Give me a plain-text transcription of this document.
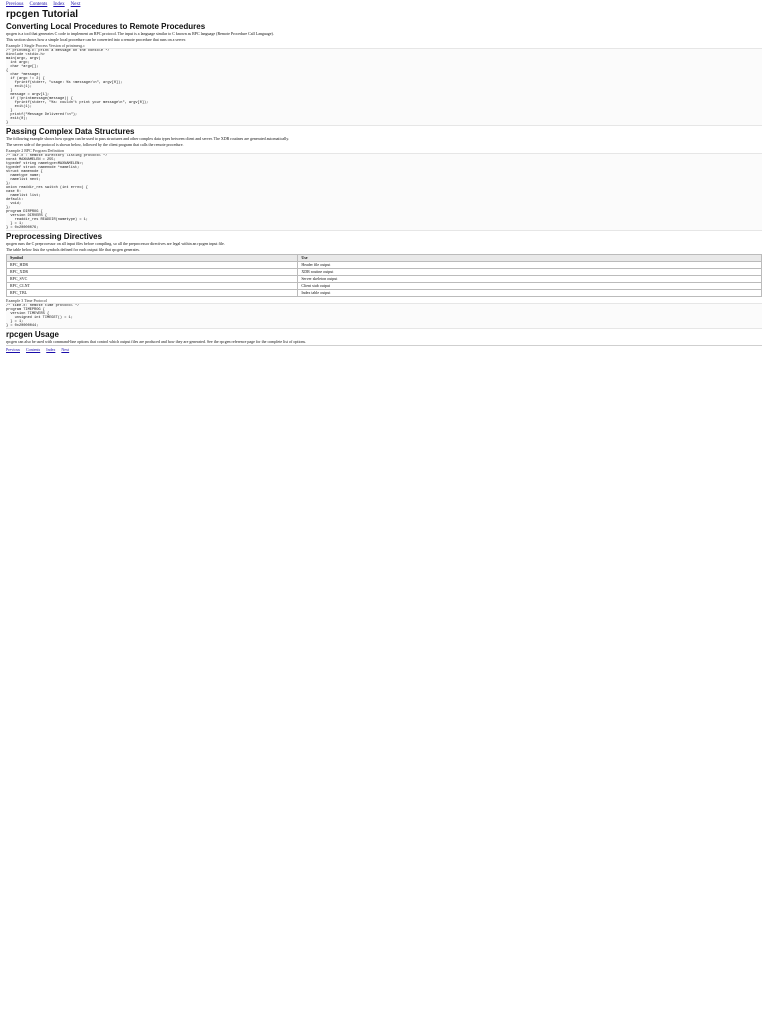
Previous Contents Index Next
rpcgen Tutorial
Converting Local Procedures to Remote Procedures

rpcgen is a tool that generates C code to implement an RPC protocol. The input is a language similar to C known as RPC language (Remote Procedure Call Language).

This section shows how a simple local procedure can be converted into a remote procedure that runs on a server.

Example 1 Single Process Version of printmesg.c
/* printmsg.c: print a message on the console */
#include <stdio.h>
main(argc, argv)
int argc;
char *argv[];
{
char *message;
if (argc != 2) {
fprintf(stderr, "usage: %s <message>\n", argv[0]);
exit(1);
}
message = argv[1];
if (!printmessage(message)) {
fprintf(stderr, "%s: couldn't print your message\n", argv[0]);
exit(1);
}
printf("Message Delivered!\n");
exit(0);
}
Passing Complex Data Structures

The following example shows how rpcgen can be used to pass structures and other complex data types between client and server. The XDR routines are generated automatically.

The server side of the protocol is shown below, followed by the client program that calls the remote procedure.

Example 2 RPC Program Definition
/* dir.x : Remote directory listing protocol */
const MAXNAMELEN = 255;
typedef string nametype<MAXNAMELEN>;
typedef struct namenode *namelist;
struct namenode {
nametype name;
namelist next;
};
union readdir_res switch (int errno) {
case 0:
namelist list;
default:
void;
};
program DIRPROG {
version DIRVERS {
readdir_res READDIR(nametype) = 1;
} = 1;
} = 0x20000076;
Preprocessing Directives

rpcgen runs the C preprocessor on all input files before compiling, so all the preprocessor directives are legal within an rpcgen input file.

The table below lists the symbols defined for each output file that rpcgen generates.

Symbol	Use
RPC_HDR	Header file output
RPC_XDR	XDR routine output
RPC_SVC	Server skeleton output
RPC_CLNT	Client stub output
RPC_TBL	Index table output
Example 3 Time Protocol
/* time.x: Remote time protocol */
program TIMEPROG {
version TIMEVERS {
unsigned int TIMEGET() = 1;
} = 1;
} = 0x20000044;
rpcgen Usage

rpcgen can also be used with command-line options that control which output files are produced and how they are generated. See the rpcgen reference page for the complete list of options.

Previous Contents Index Next
